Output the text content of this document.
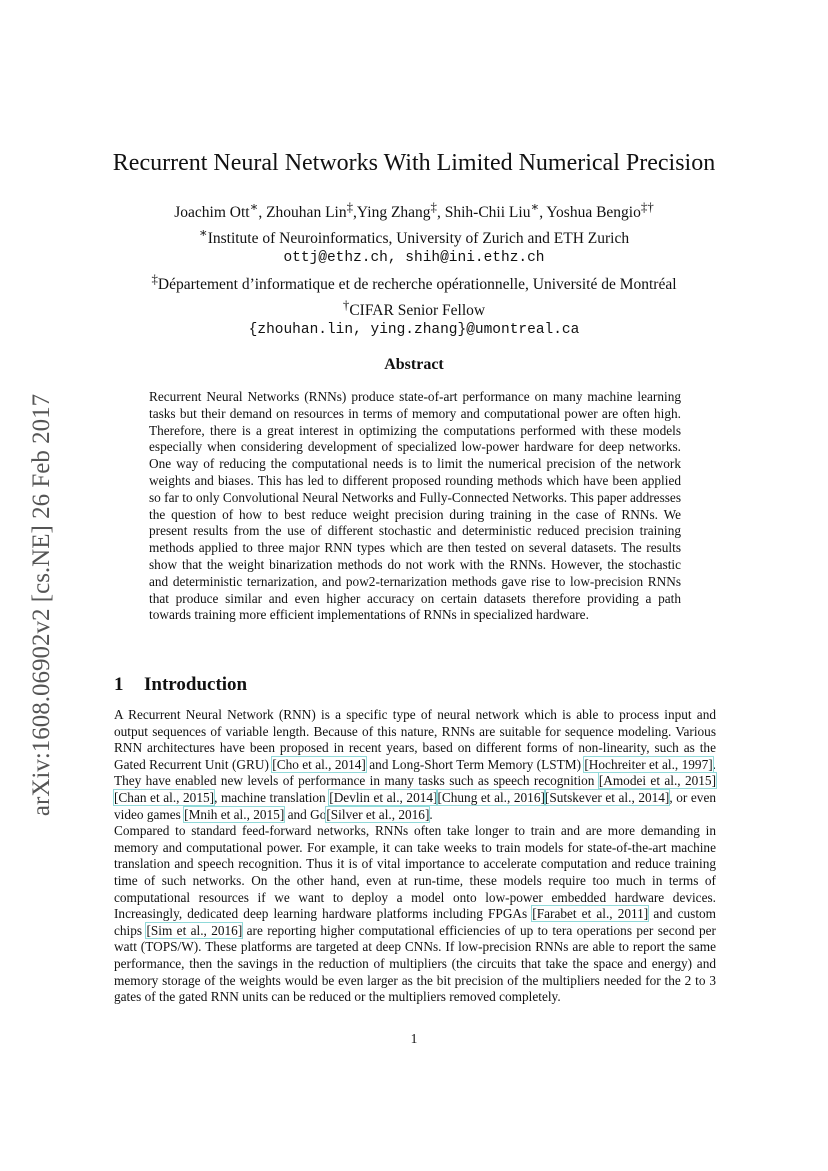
arXiv:1608.06902v2 [cs.NE] 26 Feb 2017
Recurrent Neural Networks With Limited Numerical Precision
Joachim Ott∗, Zhouhan Lin‡,Ying Zhang‡, Shih-Chii Liu∗, Yoshua Bengio‡†
∗Institute of Neuroinformatics, University of Zurich and ETH Zurich
ottj@ethz.ch, shih@ini.ethz.ch
‡Département d’informatique et de recherche opérationnelle, Université de Montréal
†CIFAR Senior Fellow
{zhouhan.lin, ying.zhang}@umontreal.ca
Abstract

Recurrent Neural Networks (RNNs) produce state-of-art performance on many machine learning tasks but their demand on resources in terms of memory and computational power are often high. Therefore, there is a great interest in optimizing the computations performed with these models especially when considering development of specialized low-power hardware for deep networks. One way of reducing the computational needs is to limit the numerical precision of the network weights and biases. This has led to different proposed rounding methods which have been applied so far to only Convolutional Neural Networks and Fully-Connected Networks. This paper addresses the question of how to best reduce weight precision during training in the case of RNNs. We present results from the use of different stochastic and deterministic reduced precision training methods applied to three major RNN types which are then tested on several datasets. The results show that the weight binarization methods do not work with the RNNs. However, the stochastic and deterministic ternarization, and pow2-ternarization methods gave rise to low-precision RNNs that produce similar and even higher accuracy on certain datasets therefore providing a path towards training more efficient implementations of RNNs in specialized hardware.

1 Introduction

A Recurrent Neural Network (RNN) is a specific type of neural network which is able to process input and output sequences of variable length. Because of this nature, RNNs are suitable for sequence modeling. Various RNN architectures have been proposed in recent years, based on different forms of non-linearity, such as the Gated Recurrent Unit (GRU) [Cho et al., 2014] and Long-Short Term Memory (LSTM) [Hochreiter et al., 1997]. They have enabled new levels of performance in many tasks such as speech recognition [Amodei et al., 2015][Chan et al., 2015], machine translation [Devlin et al., 2014][Chung et al., 2016][Sutskever et al., 2014], or even video games [Mnih et al., 2015] and Go[Silver et al., 2016].
Compared to standard feed-forward networks, RNNs often take longer to train and are more demanding in memory and computational power. For example, it can take weeks to train models for state-of-the-art machine translation and speech recognition. Thus it is of vital importance to accelerate computation and reduce training time of such networks. On the other hand, even at run-time, these models require too much in terms of computational resources if we want to deploy a model onto low-power embedded hardware devices. Increasingly, dedicated deep learning hardware platforms including FPGAs [Farabet et al., 2011] and custom chips [Sim et al., 2016] are reporting higher computational efficiencies of up to tera operations per second per watt (TOPS/W). These platforms are targeted at deep CNNs. If low-precision RNNs are able to report the same performance, then the savings in the reduction of multipliers (the circuits that take the space and energy) and memory storage of the weights would be even larger as the bit precision of the multipliers needed for the 2 to 3 gates of the gated RNN units can be reduced or the multipliers removed completely.

1
